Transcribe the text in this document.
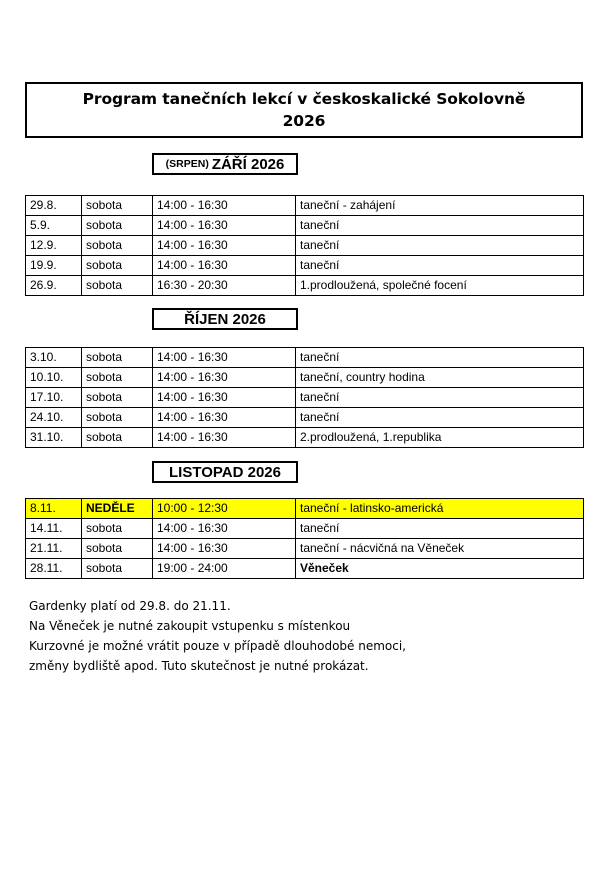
Program tanečních lekcí v českoskalické Sokolovně
2026
(SRPEN) ZÁŘÍ 2026
29.8.	sobota	14:00 - 16:30	taneční - zahájení
5.9.	sobota	14:00 - 16:30	taneční
12.9.	sobota	14:00 - 16:30	taneční
19.9.	sobota	14:00 - 16:30	taneční
26.9.	sobota	16:30 - 20:30	1.prodloužená, společné focení
ŘÍJEN 2026
3.10.	sobota	14:00 - 16:30	taneční
10.10.	sobota	14:00 - 16:30	taneční, country hodina
17.10.	sobota	14:00 - 16:30	taneční
24.10.	sobota	14:00 - 16:30	taneční
31.10.	sobota	14:00 - 16:30	2.prodloužená, 1.republika
LISTOPAD 2026
8.11.	NEDĚLE	10:00 - 12:30	taneční - latinsko-americká
14.11.	sobota	14:00 - 16:30	taneční
21.11.	sobota	14:00 - 16:30	taneční - nácvičná na Věneček
28.11.	sobota	19:00 - 24:00	Věneček

Gardenky platí od 29.8. do 21.11.

Na Věneček je nutné zakoupit vstupenku s místenkou

Kurzovné je možné vrátit pouze v případě dlouhodobé nemoci,

změny bydliště apod. Tuto skutečnost je nutné prokázat.
